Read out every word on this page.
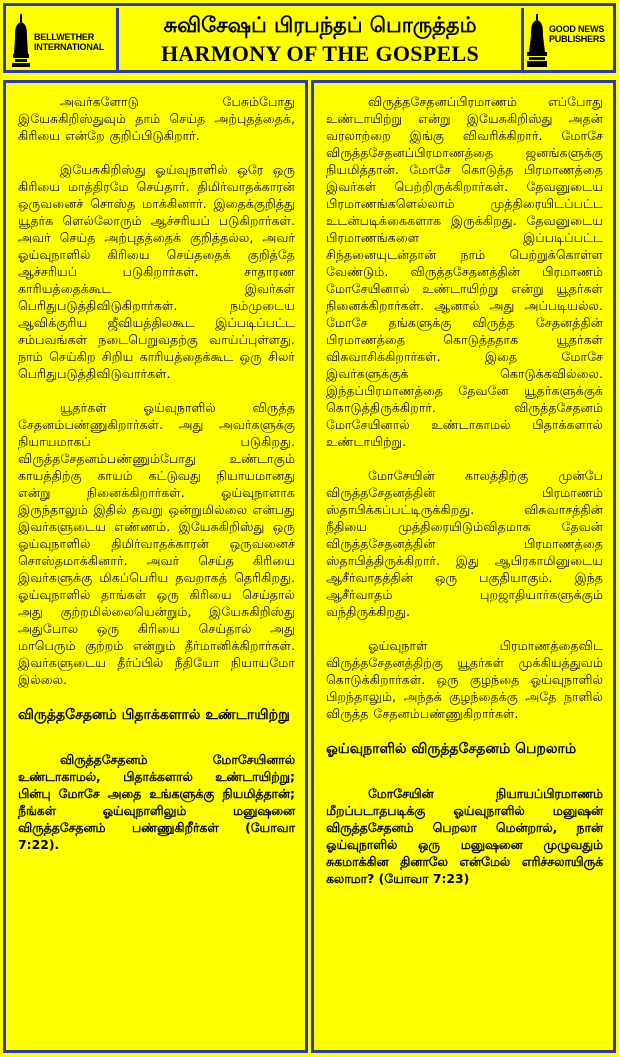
BELLWETHER
INTERNATIONAL
சுவிசேஷப் பிரபந்தப் பொருத்தம்
HARMONY OF THE GOSPELS
GOOD NEWS
PUBLISHERS

அவர்களோடு பேசும்போது இயேசுகிறிஸ்துவும் தாம் செய்த அற்புதத்தைக், கிரியை என்றே குறிப்பிடுகிறார்.

இயேசுகிறிஸ்து ஓய்வுநாளில் ஒரே ஒரு கிரியை மாத்திரமே செய்தார். திமிர்வாதக்காரன் ஒருவனைச் சொஸ்த மாக்கினார். இதைக்குறித்து யூதர்க ளெல்லோரும் ஆச்சரியப் படுகிறார்கள். அவர் செய்த அற்புதத்தைக் குறித்தல்ல, அவர் ஓய்வுநாளில் கிரியை செய்ததைக் குறித்தே ஆச்சரியப் படுகிறார்கள். சாதாரண காரியத்தைக்கூட இவர்கள் பெரிதுபடுத்திவிடுகிறார்கள். நம்முடைய ஆவிக்குரிய ஜீவியத்திலகூட இப்படிப்பட்ட சம்பவங்கள் நடைபெறுவதற்கு வாய்ப்புள்ளது. நாம் செய்கிற சிறிய காரியத்தைக்கூட ஒரு சிலர் பெரிதுபடுத்திவிடுவார்கள்.

யூதர்கள் ஓய்வுநாளில் விருத்த சேதனம்பண்ணுகிறார்கள். அது அவர்களுக்கு நியாயமாகப் படுகிறது. விருத்தசேதனம்பண்ணும்போது உண்டாகும் காயத்திற்கு காயம் கட்டுவது நியாயமானது என்று நினைக்கிறார்கள். ஓய்வுநாளாக இருந்தாலும் இதில் தவறு ஒன்றுமில்லை என்பது இவர்களுடைய எண்ணம். இயேசுகிறிஸ்து ஒரு ஓய்வுநாளில் திமிர்வாதக்காரன் ஒருவனைச் சொஸ்தமாக்கினார். அவர் செய்த கிரியை இவர்களுக்கு மிகப்பெரிய தவறாகத் தெரிகிறது. ஓய்வுநாளில் தாங்கள் ஒரு கிரியை செய்தால் அது குற்றமில்லையென்றும், இயேசுகிறிஸ்து அதுபோல ஒரு கிரியை செய்தால் அது மாபெரும் குற்றம் என்றும் தீர்மானிக்கிறார்கள். இவர்களுடைய தீர்ப்பில் நீதியோ நியாயமோ இல்லை.

விருத்தசேதனம் பிதாக்களால் உண்டாயிற்று

விருத்தசேதனம் மோசேயினால் உண்டாகாமல், பிதாக்களால் உண்டாயிற்று; பின்பு மோசே அதை உங்களுக்கு நியமித்தான்; நீங்கள் ஓய்வுநாளிலும் மனுஷனை விருத்தசேதனம் பண்ணுகிறீர்கள் (யோவா 7:22).

விருத்தசேதனப்பிரமாணம் எப்போது உண்டாயிற்று என்று இயேசுகிறிஸ்து அதன் வரலாற்றை இங்கு விவரிக்கிறார். மோசே விருத்தசேதனப்பிரமாணத்தை ஜனங்களுக்கு நியமித்தான். மோசே கொடுத்த பிரமாணத்தை இவர்கள் பெற்றிருக்கிறார்கள். தேவனுடைய பிரமாணங்களெல்லாம் முத்திரையிடப்பட்ட உடன்படிக்கைகளாக இருக்கிறது. தேவனுடைய பிரமாணங்களை இப்படிப்பட்ட சிந்தனையுடன்தான் நாம் பெற்றுக்கொள்ள வேண்டும். விருத்தசேதனத்தின் பிரமாணம் மோசேயினால் உண்டாயிற்று என்று யூதர்கள் நினைக்கிறார்கள். ஆனால் அது அப்படியல்ல. மோசே தங்களுக்கு விருத்த சேதனத்தின் பிரமாணத்தை கொடுத்ததாக யூதர்கள் விசுவாசிக்கிறார்கள். இதை மோசே இவர்களுக்குக் கொடுக்கவில்லை. இந்தப்பிரமாணத்தை தேவனே யூதர்களுக்குக் கொடுத்திருக்கிறார். விருத்தசேதனம் மோசேயினால் உண்டாகாமல் பிதாக்களால் உண்டாயிற்று.

மோசேயின் காலத்திற்கு முன்பே விருத்தசேதனத்தின் பிரமாணம் ஸ்தாபிக்கப்பட்டிருக்கிறது. விசுவாசத்தின் நீதியை முத்திரையிடும்விதமாக தேவன் விருத்தசேதனத்தின் பிரமாணத்தை ஸ்தாபித்திருக்கிறார். இது ஆபிரகாமினுடைய ஆசீர்வாதத்தின் ஒரு பகுதியாகும். இந்த ஆசீர்வாதம் புறஜாதியார்களுக்கும் வந்திருக்கிறது.

ஓய்வுநாள் பிரமாணத்தைவிட விருத்தசேதனத்திற்கு யூதர்கள் முக்கியத்துவம் கொடுக்கிறார்கள். ஒரு குழந்தை ஓய்வுநாளில் பிறந்தாலும், அந்தக் குழந்தைக்கு அதே நாளில் விருத்த சேதனம்பண்ணுகிறார்கள்.

ஓய்வுநாளில் விருத்தசேதனம் பெறலாம்

மோசேயின் நியாயப்பிரமாணம் மீறப்படாதபடிக்கு ஓய்வுநாளில் மனுஷன் விருத்தசேதனம் பெறலா மென்றால், நான் ஓய்வுநாளில் ஒரு மனுஷனை முழுவதும் சுகமாக்கின தினாலே என்மேல் எரிச்சலாயிருக் கலாமா? (யோவா 7:23)
